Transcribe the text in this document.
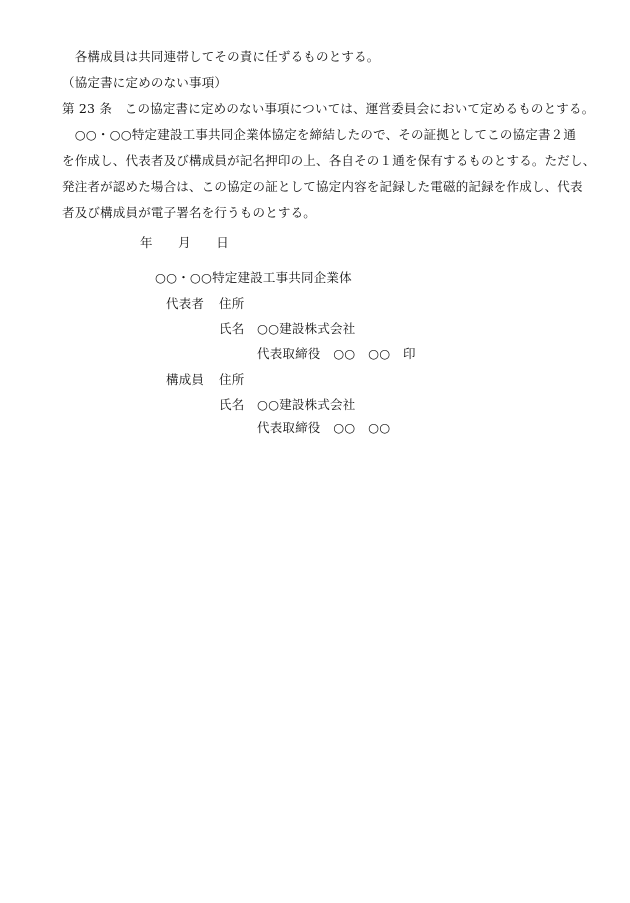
　各構成員は共同連帯してその責に任ずるものとする。
（協定書に定めのない事項）
第 23 条　この協定書に定めのない事項については、運営委員会において定めるものとする。
　○○・○○特定建設工事共同企業体協定を締結したので、その証拠としてこの協定書２通
を作成し、代表者及び構成員が記名押印の上、各自その１通を保有するものとする。ただし、
発注者が認めた場合は、この協定の証として協定内容を記録した電磁的記録を作成し、代表
者及び構成員が電子署名を行うものとする。
年　　月　　日
○○・○○特定建設工事共同企業体
代表者 住所
氏名 ○○建設株式会社
代表取締役　○○　○○　印
構成員 住所
氏名 ○○建設株式会社
代表取締役　○○　○○
